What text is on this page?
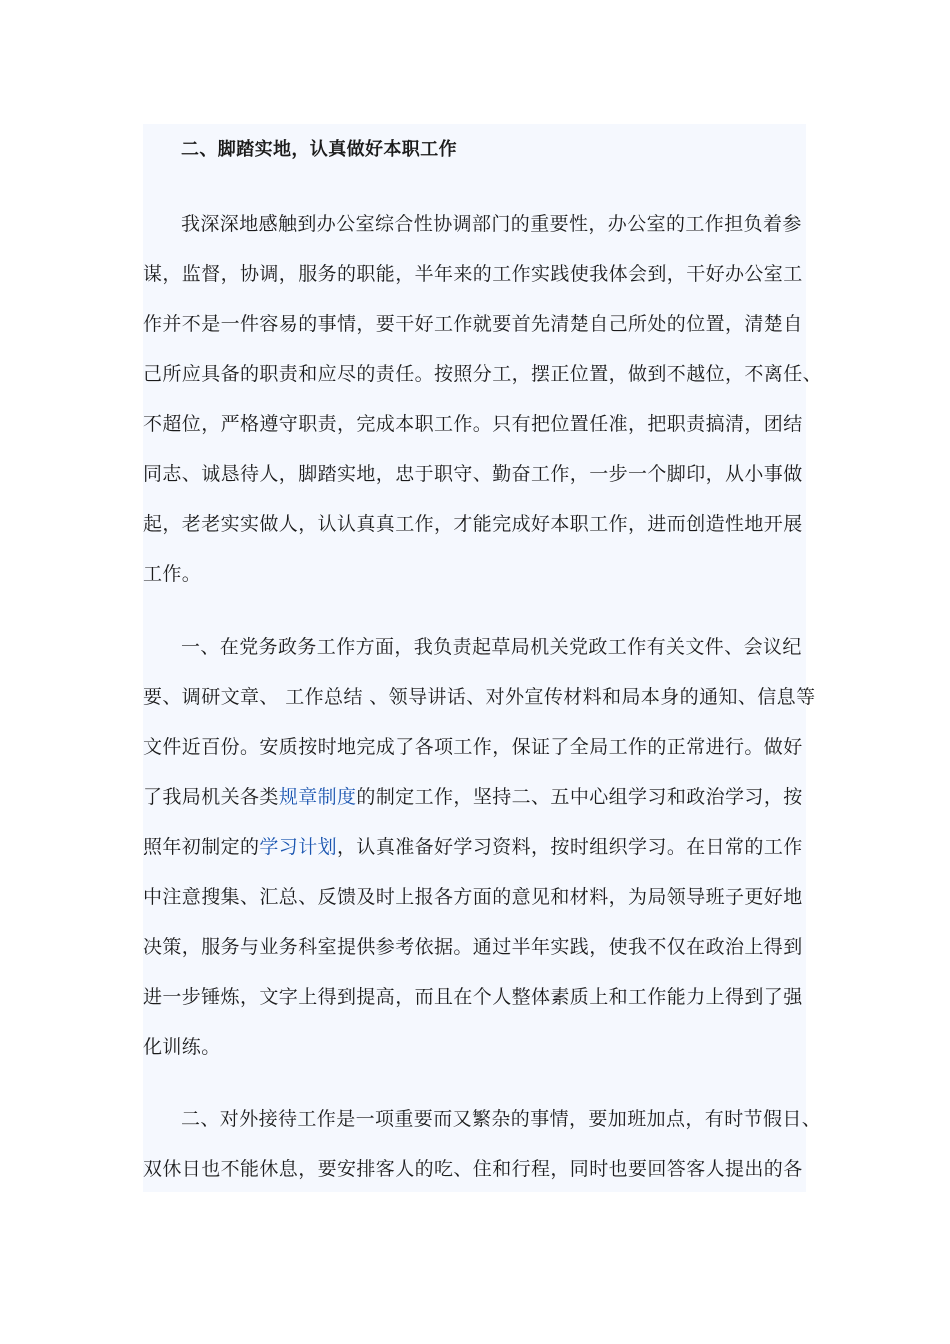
二、脚踏实地，认真做好本职工作
我深深地感触到办公室综合性协调部门的重要性，办公室的工作担负着参
谋，监督，协调，服务的职能，半年来的工作实践使我体会到，干好办公室工
作并不是一件容易的事情，要干好工作就要首先清楚自己所处的位置，清楚自
己所应具备的职责和应尽的责任。按照分工，摆正位置，做到不越位，不离任、
不超位，严格遵守职责，完成本职工作。只有把位置任准，把职责搞清，团结
同志、诚恳待人，脚踏实地，忠于职守、勤奋工作，一步一个脚印，从小事做
起，老老实实做人，认认真真工作，才能完成好本职工作，进而创造性地开展
工作。
一、在党务政务工作方面，我负责起草局机关党政工作有关文件、会议纪
要、调研文章、 工作总结 、领导讲话、对外宣传材料和局本身的通知、信息等
文件近百份。安质按时地完成了各项工作，保证了全局工作的正常进行。做好
了我局机关各类规章制度的制定工作，坚持二、五中心组学习和政治学习，按
照年初制定的学习计划，认真准备好学习资料，按时组织学习。在日常的工作
中注意搜集、汇总、反馈及时上报各方面的意见和材料，为局领导班子更好地
决策，服务与业务科室提供参考依据。通过半年实践，使我不仅在政治上得到
进一步锤炼，文字上得到提高，而且在个人整体素质上和工作能力上得到了强
化训练。
二、对外接待工作是一项重要而又繁杂的事情，要加班加点，有时节假日、
双休日也不能休息，要安排客人的吃、住和行程，同时也要回答客人提出的各
